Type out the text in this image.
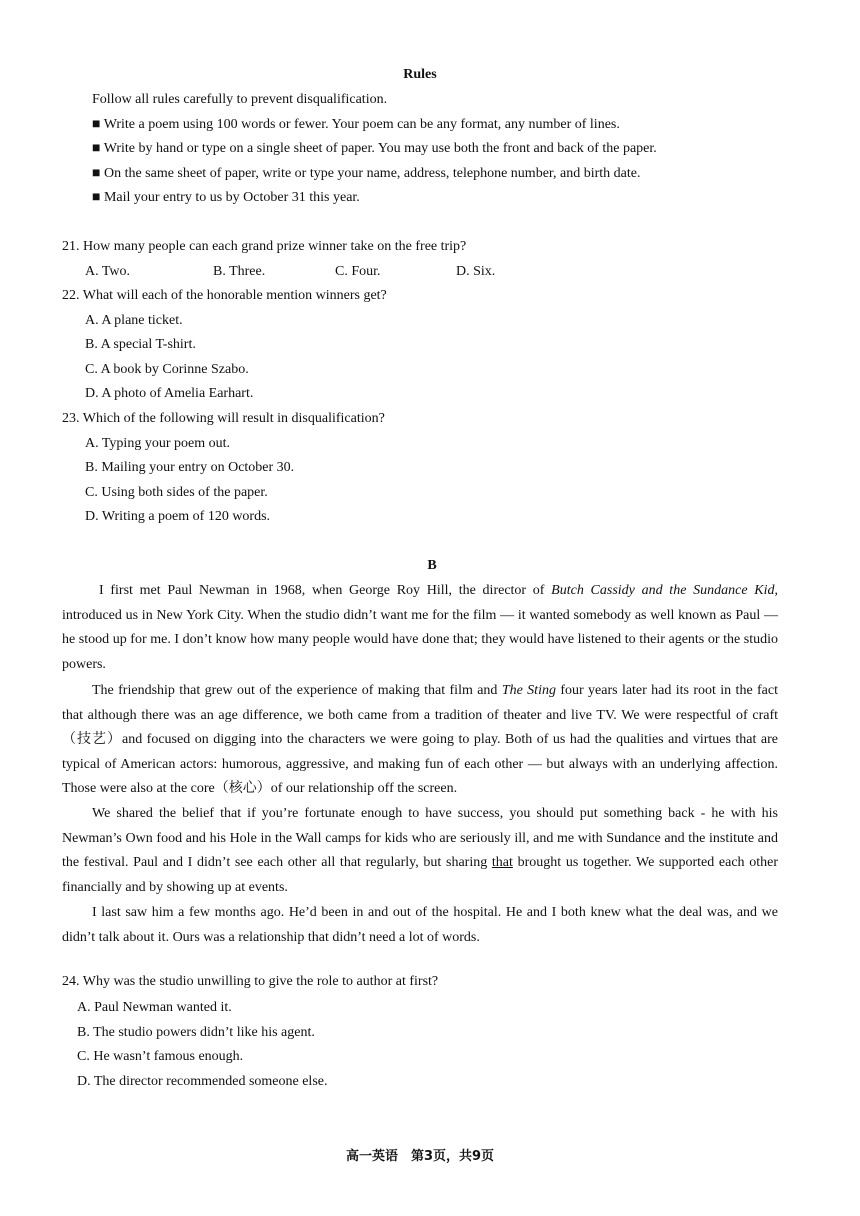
Rules
Follow all rules carefully to prevent disqualification.
■ Write a poem using 100 words or fewer. Your poem can be any format, any number of lines.
■ Write by hand or type on a single sheet of paper. You may use both the front and back of the paper.
■ On the same sheet of paper, write or type your name, address, telephone number, and birth date.
■ Mail your entry to us by October 31 this year.
21. How many people can each grand prize winner take on the free trip?
A. Two.	B. Three.	C. Four.	D. Six.
22. What will each of the honorable mention winners get?
A. A plane ticket.
B. A special T-shirt.
C. A book by Corinne Szabo.
D. A photo of Amelia Earhart.
23. Which of the following will result in disqualification?
A. Typing your poem out.
B. Mailing your entry on October 30.
C. Using both sides of the paper.
D. Writing a poem of 120 words.
B
I first met Paul Newman in 1968, when George Roy Hill, the director of Butch Cassidy and the Sundance Kid, introduced us in New York City. When the studio didn’t want me for the film — it wanted somebody as well known as Paul — he stood up for me. I don’t know how many people would have done that; they would have listened to their agents or the studio powers.
The friendship that grew out of the experience of making that film and The Sting four years later had its root in the fact that although there was an age difference, we both came from a tradition of theater and live TV. We were respectful of craft（技艺）and focused on digging into the characters we were going to play. Both of us had the qualities and virtues that are typical of American actors: humorous, aggressive, and making fun of each other — but always with an underlying affection. Those were also at the core（核心）of our relationship off the screen.
We shared the belief that if you’re fortunate enough to have success, you should put something back - he with his Newman’s Own food and his Hole in the Wall camps for kids who are seriously ill, and me with Sundance and the institute and the festival. Paul and I didn’t see each other all that regularly, but sharing that brought us together. We supported each other financially and by showing up at events.
I last saw him a few months ago. He’d been in and out of the hospital. He and I both knew what the deal was, and we didn’t talk about it. Ours was a relationship that didn’t need a lot of words.
24. Why was the studio unwilling to give the role to author at first?
A. Paul Newman wanted it.
B. The studio powers didn’t like his agent.
C. He wasn’t famous enough.
D. The director recommended someone else.
高一英语　第3页，共9页
